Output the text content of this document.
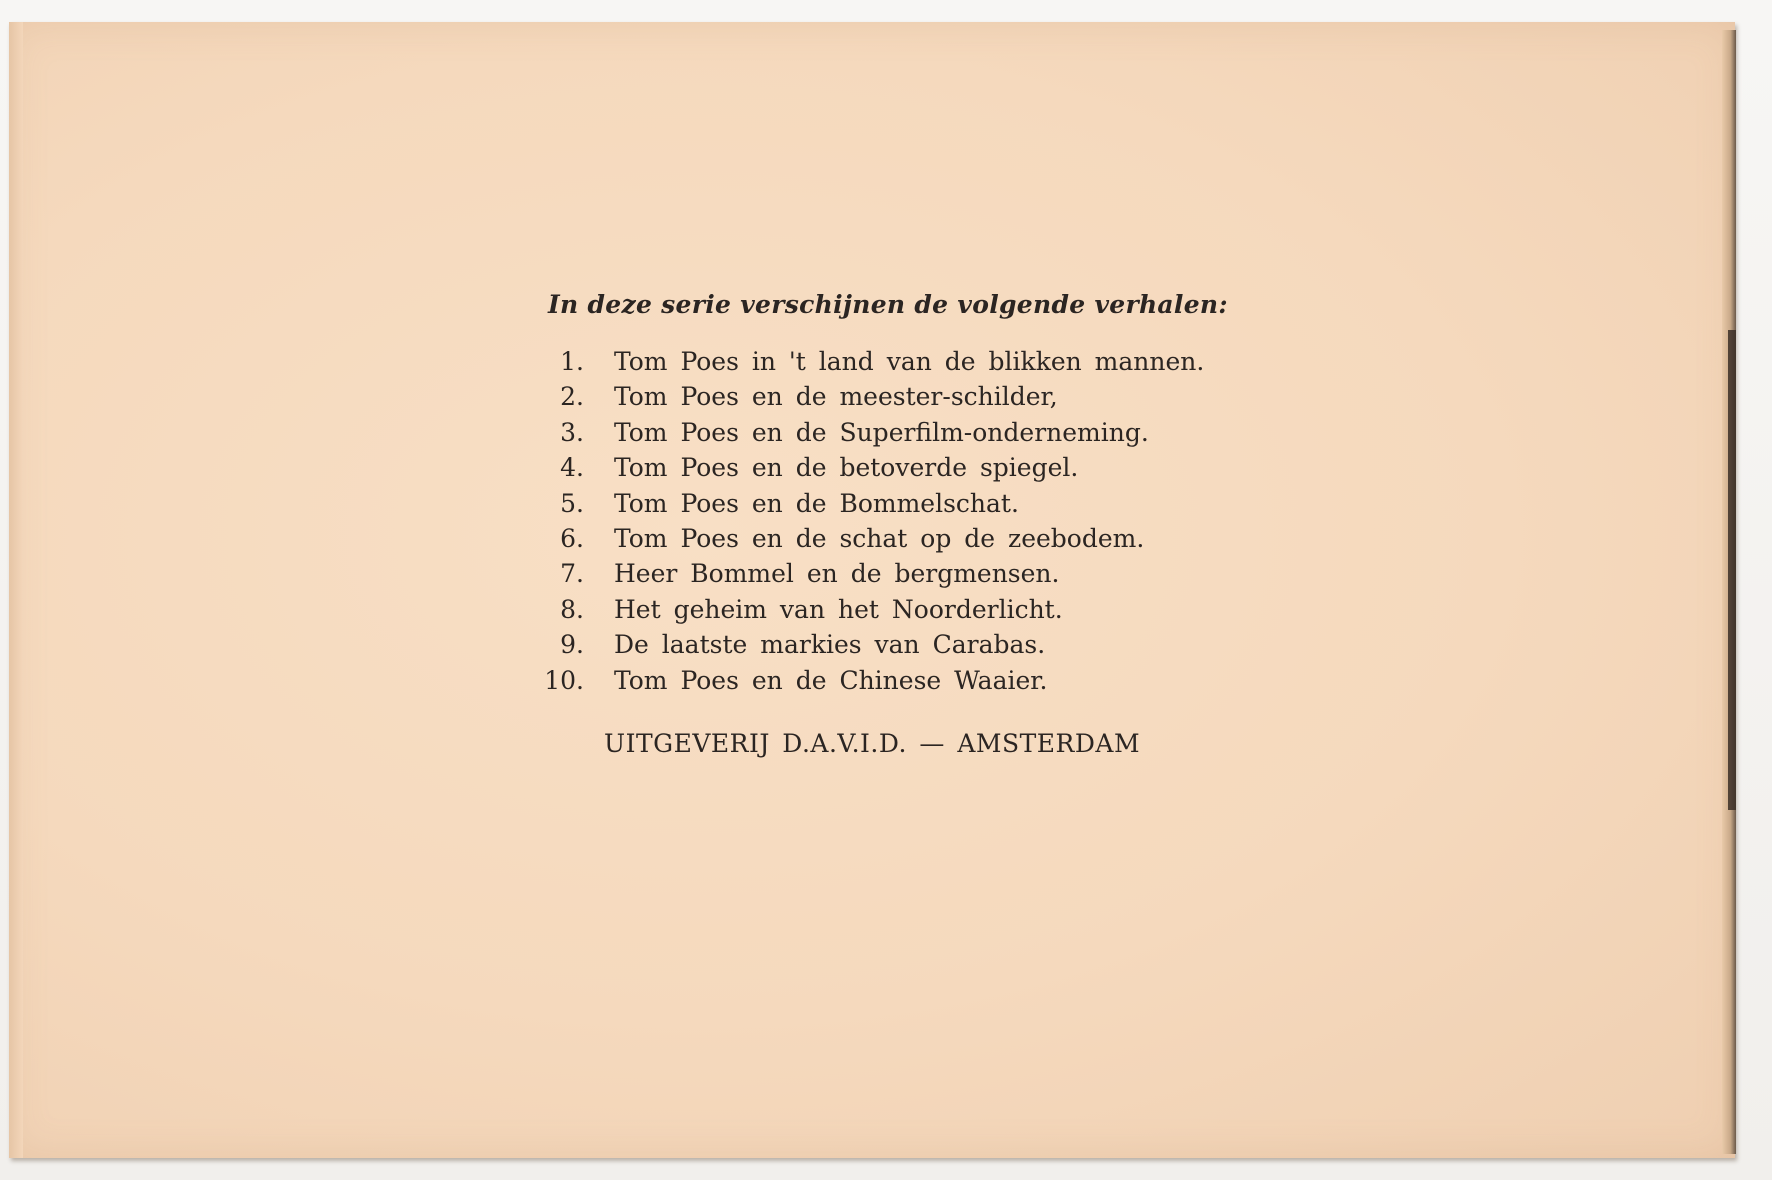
In deze serie verschijnen de volgende verhalen:
1. Tom Poes in 't land van de blikken mannen.
2. Tom Poes en de meester-schilder,
3. Tom Poes en de Superfilm-onderneming.
4. Tom Poes en de betoverde spiegel.
5. Tom Poes en de Bommelschat.
6. Tom Poes en de schat op de zeebodem.
7. Heer Bommel en de bergmensen.
8. Het geheim van het Noorderlicht.
9. De laatste markies van Carabas.
10. Tom Poes en de Chinese Waaier.
UITGEVERIJ D.A.V.I.D. — AMSTERDAM
